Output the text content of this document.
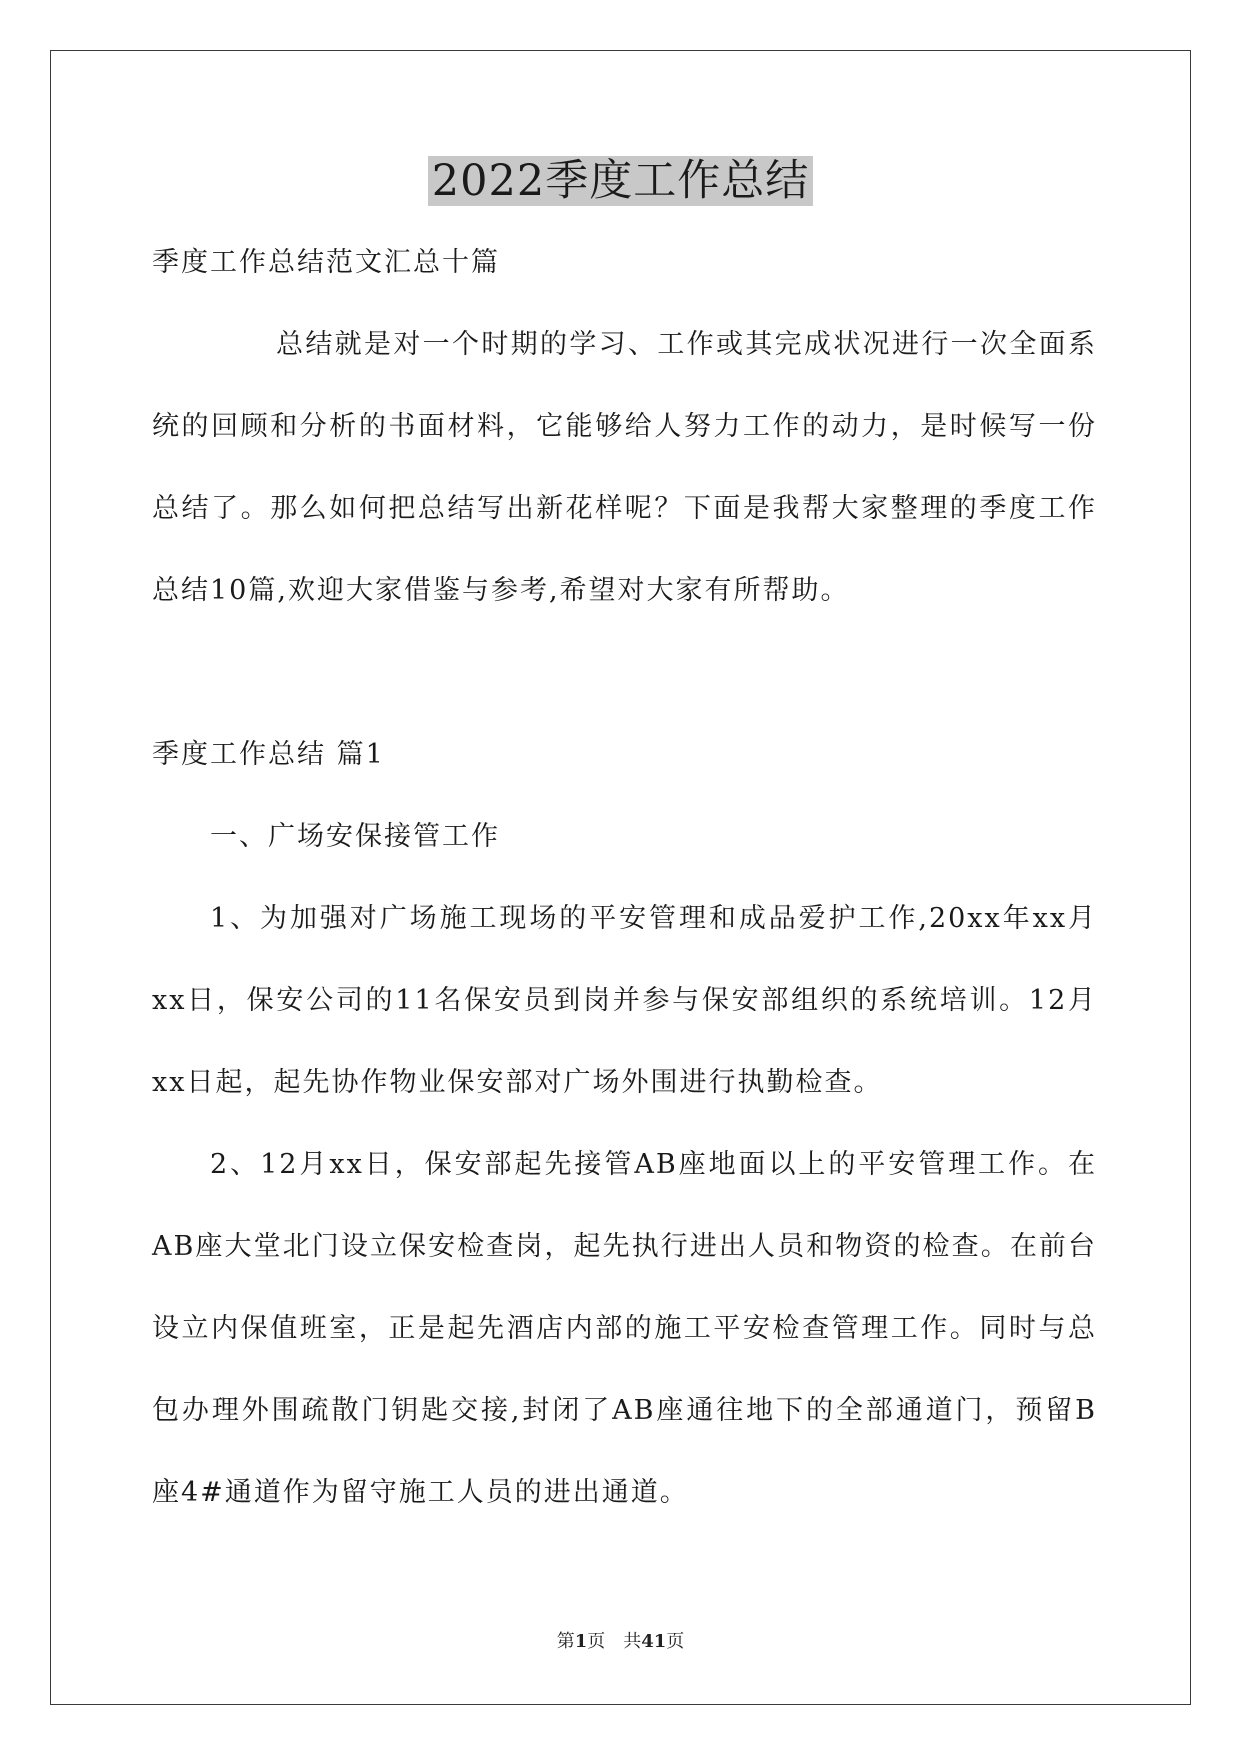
2022季度工作总结

季度工作总结范文汇总十篇

总结就是对一个时期的学习、工作或其完成状况进行一次全面系统的回顾和分析的书面材料，它能够给人努力工作的动力，是时候写一份总结了。那么如何把总结写出新花样呢？下面是我帮大家整理的季度工作总结10篇,欢迎大家借鉴与参考,希望对大家有所帮助。

季度工作总结 篇1

一、广场安保接管工作

1、为加强对广场施工现场的平安管理和成品爱护工作,20xx年xx月xx日，保安公司的11名保安员到岗并参与保安部组织的系统培训。12月xx日起，起先协作物业保安部对广场外围进行执勤检查。

2、12月xx日，保安部起先接管AB座地面以上的平安管理工作。在AB座大堂北门设立保安检查岗，起先执行进出人员和物资的检查。在前台设立内保值班室，正是起先酒店内部的施工平安检查管理工作。同时与总包办理外围疏散门钥匙交接,封闭了AB座通往地下的全部通道门，预留B座4#通道作为留守施工人员的进出通道。

第1页　共41页
